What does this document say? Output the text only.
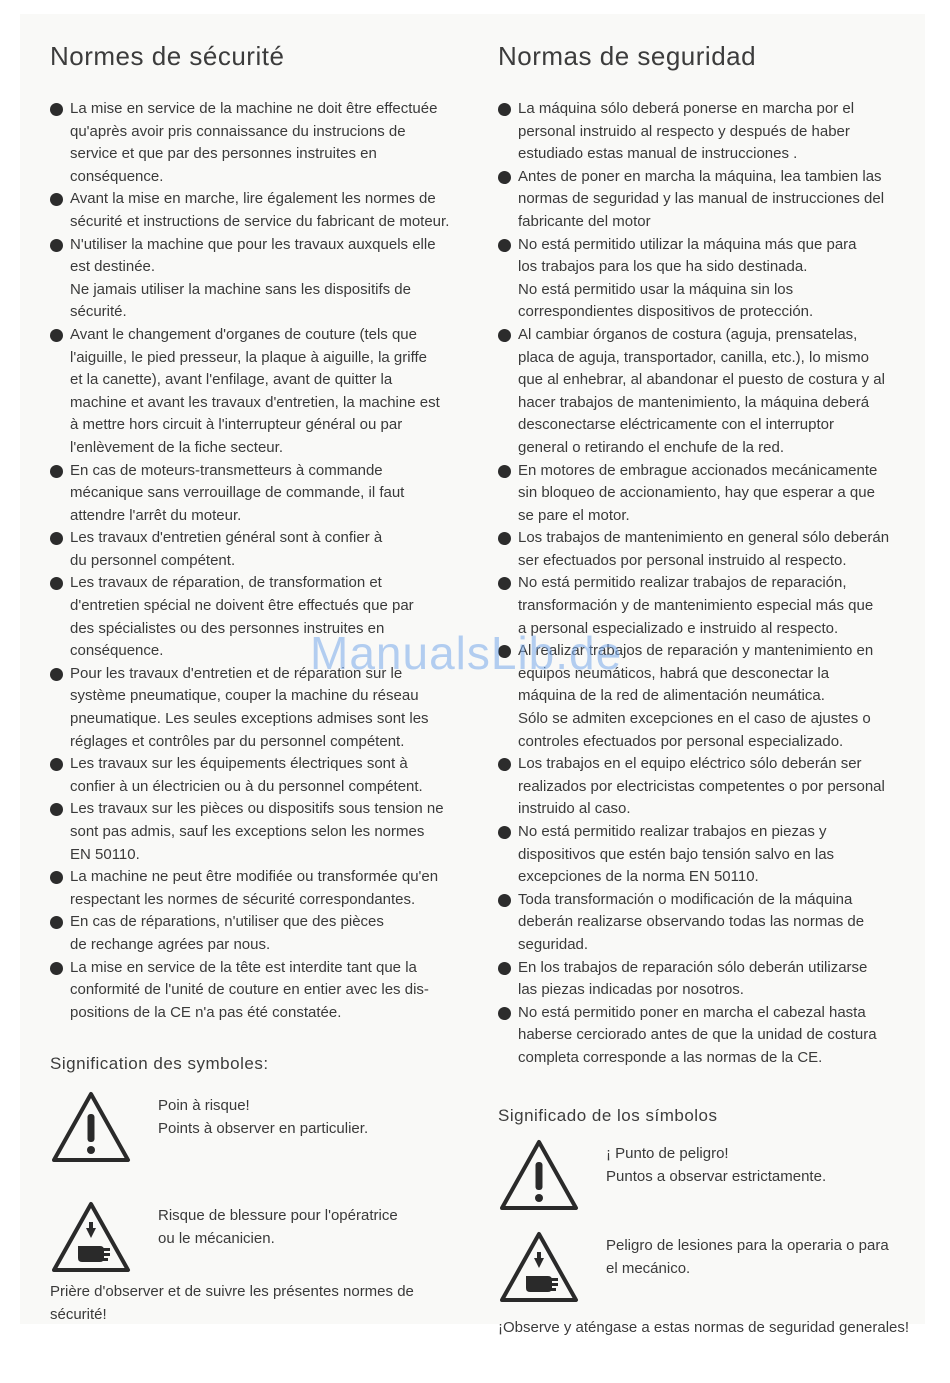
Normes de sécurité
La mise en service de la machine ne doit être effectuée
qu'après avoir pris connaissance du instrucions de
service et que par des personnes instruites en
conséquence.
Avant la mise en marche, lire également les normes de
sécurité et instructions de service du fabricant de moteur.
N'utiliser la machine que pour les travaux auxquels elle
est destinée.
Ne jamais utiliser la machine sans les dispositifs de
sécurité.
Avant le changement d'organes de couture (tels que
l'aiguille, le pied presseur, la plaque à aiguille, la griffe
et la canette), avant l'enfilage, avant de quitter la
machine et avant les travaux d'entretien, la machine est
à mettre hors circuit à l'interrupteur général ou par
l'enlèvement de la fiche secteur.
En cas de moteurs-transmetteurs à commande
mécanique sans verrouillage de commande, il faut
attendre l'arrêt du moteur.
Les travaux d'entretien général sont à confier à
du personnel compétent.
Les travaux de réparation, de transformation et
d'entretien spécial ne doivent être effectués que par
des spécialistes ou des personnes instruites en
conséquence.
Pour les travaux d'entretien et de réparation sur le
système pneumatique, couper la machine du réseau
pneumatique. Les seules exceptions admises sont les
réglages et contrôles par du personnel compétent.
Les travaux sur les équipements électriques sont à
confier à un électricien ou à du personnel compétent.
Les travaux sur les pièces ou dispositifs sous tension ne
sont pas admis, sauf les exceptions selon les normes
EN 50110.
La machine ne peut être modifiée ou transformée qu'en
respectant les normes de sécurité correspondantes.
En cas de réparations, n'utiliser que des pièces
de rechange agrées par nous.
La mise en service de la tête est interdite tant que la
conformité de l'unité de couture en entier avec les dis-
positions de la CE n'a pas été constatée.
Signification des symboles:
Poin à risque!
Points à observer en particulier.
Risque de blessure pour l'opératrice
ou le mécanicien.
Prière d'observer et de suivre les présentes normes de
sécurité!
Normas de seguridad
La máquina sólo deberá ponerse en marcha por el
personal instruido al respecto y después de haber
estudiado estas manual de instrucciones .
Antes de poner en marcha la máquina, lea tambien las
normas de seguridad y las manual de instrucciones del
fabricante del motor
No está permitido utilizar la máquina más que para
los trabajos para los que ha sido destinada.
No está permitido usar la máquina sin los
correspondientes dispositivos de protección.
Al cambiar órganos de costura (aguja, prensatelas,
placa de aguja, transportador, canilla, etc.), lo mismo
que al enhebrar, al abandonar el puesto de costura y al
hacer trabajos de mantenimiento, la máquina deberá
desconectarse eléctricamente con el interruptor
general o retirando el enchufe de la red.
En motores de embrague accionados mecánicamente
sin bloqueo de accionamiento, hay que esperar a que
se pare el motor.
Los trabajos de mantenimiento en general sólo deberán
ser efectuados por personal instruido al respecto.
No está permitido realizar trabajos de reparación,
transformación y de mantenimiento especial más que
a personal especializado e instruido al respecto.
Al realizar trabajos de reparación y mantenimiento en
equipos neumáticos, habrá que desconectar la
máquina de la red de alimentación neumática.
Sólo se admiten excepciones en el caso de ajustes o
controles efectuados por personal especializado.
Los trabajos en el equipo eléctrico sólo deberán ser
realizados por electricistas competentes o por personal
instruido al caso.
No está permitido realizar trabajos en piezas y
dispositivos que estén bajo tensión salvo en las
excepciones de la norma EN 50110.
Toda transformación o modificación de la máquina
deberán realizarse observando todas las normas de
seguridad.
En los trabajos de reparación sólo deberán utilizarse
las piezas indicadas por nosotros.
No está permitido poner en marcha el cabezal hasta
haberse cerciorado antes de que la unidad de costura
completa corresponde a las normas de la CE.
Significado de los símbolos
¡ Punto de peligro!
Puntos a observar estrictamente.
Peligro de lesiones para la operaria o para
el mecánico.
¡Observe y aténgase a estas normas de seguridad generales!
ManualsLib.de
